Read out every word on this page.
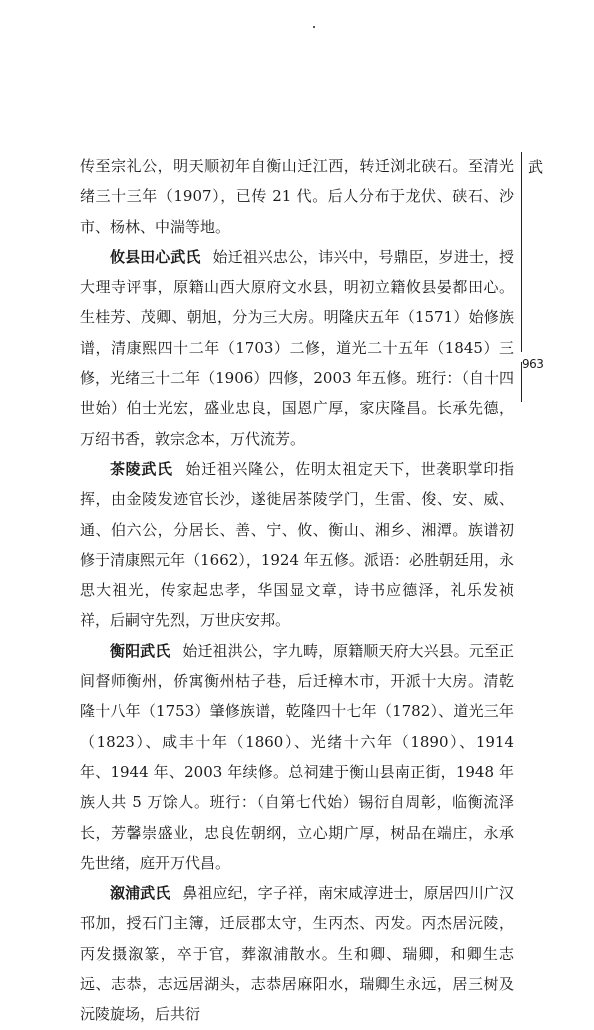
传至宗礼公，明天顺初年自衡山迁江西，转迁浏北硖石。至清光绪三十三年（1907），已传 21 代。后人分布于龙伏、硖石、沙市、杨林、中湍等地。

攸县田心武氏 始迁祖兴忠公，讳兴中，号鼎臣，岁进士，授大理寺评事，原籍山西大原府文水县，明初立籍攸县晏都田心。生桂芳、茂卿、朝旭，分为三大房。明隆庆五年（1571）始修族谱，清康熙四十二年（1703）二修，道光二十五年（1845）三修，光绪三十二年（1906）四修，2003 年五修。班行：（自十四世始）伯士光宏，盛业忠良，国恩广厚，家庆隆昌。长承先德，万绍书香，敦宗念本，万代流芳。

茶陵武氏 始迁祖兴隆公，佐明太祖定天下，世袭职掌印指挥，由金陵发迹官长沙，遂徙居茶陵学门，生雷、俊、安、威、通、伯六公，分居长、善、宁、攸、衡山、湘乡、湘潭。族谱初修于清康熙元年（1662），1924 年五修。派语：必胜朝廷用，永思大祖光，传家起忠孝，华国显文章，诗书应德泽，礼乐发祯祥，后嗣守先烈，万世庆安邦。

衡阳武氏 始迁祖洪公，字九畴，原籍顺天府大兴县。元至正间督师衡州，侨寓衡州枯子巷，后迁樟木市，开派十大房。清乾隆十八年（1753）肇修族谱，乾隆四十七年（1782）、道光三年（1823）、咸丰十年（1860）、光绪十六年（1890）、1914 年、1944 年、2003 年续修。总祠建于衡山县南正街，1948 年族人共 5 万馀人。班行：（自第七代始）锡衍自周彰，临衡流泽长，芳馨崇盛业，忠良佐朝纲，立心期广厚，树品在端庄，永承先世绪，庭开万代昌。

溆浦武氏 鼻祖应纪，字子祥，南宋咸淳进士，原居四川广汉邗加，授石门主簿，迁辰郡太守，生丙杰、丙发。丙杰居沅陵，丙发摄溆篆，卒于官，葬溆浦散水。生和卿、瑞卿，和卿生志远、志恭，志远居湖头，志恭居麻阳水，瑞卿生永远，居三树及沅陵旋场，后共衍

武
963
